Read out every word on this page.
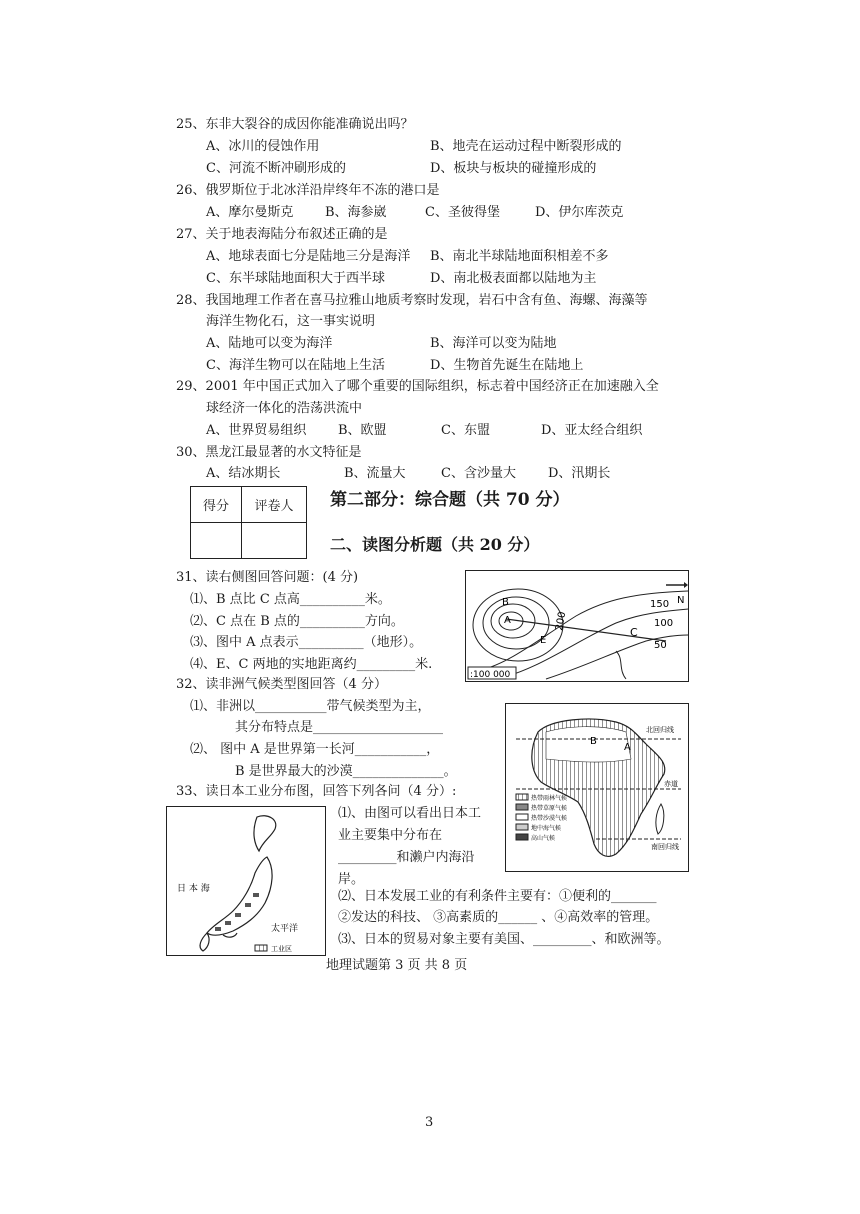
25、东非大裂谷的成因你能准确说出吗？
A、冰川的侵蚀作用	B、地壳在运动过程中断裂形成的
C、河流不断冲刷形成的	D、板块与板块的碰撞形成的
26、俄罗斯位于北冰洋沿岸终年不冻的港口是
A、摩尔曼斯克 B、海参崴	C、圣彼得堡	D、伊尔库茨克
27、关于地表海陆分布叙述正确的是
A、地球表面七分是陆地三分是海洋 B、南北半球陆地面积相差不多
C、东半球陆地面积大于西半球	D、南北极表面都以陆地为主
28、我国地理工作者在喜马拉雅山地质考察时发现，岩石中含有鱼、海螺、海藻等
海洋生物化石，这一事实说明
A、陆地可以变为海洋	B、海洋可以变为陆地
C、海洋生物可以在陆地上生活	D、生物首先诞生在陆地上
29、2001 年中国正式加入了哪个重要的国际组织，标志着中国经济正在加速融入全
球经济一体化的浩荡洪流中
A、世界贸易组织 B、欧盟	C、东盟	D、亚太经合组织
30、黑龙江最显著的水文特征是
A、结冰期长	B、流量大	C、含沙量大 D、汛期长
得分	评卷人
	第二部分：综合题（共 70 分）
二、读图分析题（共 20 分）
31、读右侧图回答问题：(4 分)
⑴、B 点比 C 点高__________米。
⑵、C 点在 B 点的__________方向。
⑶、图中 A 点表示__________（地形）。
⑷、E、C 两地的实地距离约_________米.
N
B
A
E
C
150
100
50
200
:100 000
32、读非洲气候类型图回答（4 分）
⑴、非洲以___________带气候类型为主，
其分布特点是____________________
⑵、 图中 A 是世界第一长河___________，
B 是世界最大的沙漠______________。
B
A
北回归线
赤道
南回归线
热带雨林气候
热带草原气候
热带沙漠气候
地中海气候
高山气候
33、读日本工业分布图，回答下列各问（4 分）:
⑴、由图可以看出日本工
业主要集中分布在
_________和濑户内海沿
岸。
⑵、日本发展工业的有利条件主要有：①便利的_______
②发达的科技、 ③高素质的______ 、④高效率的管理。
⑶、日本的贸易对象主要有美国、_________、和欧洲等。
日 本 海
太平洋
工业区
地理试题第 3 页 共 8 页
3
